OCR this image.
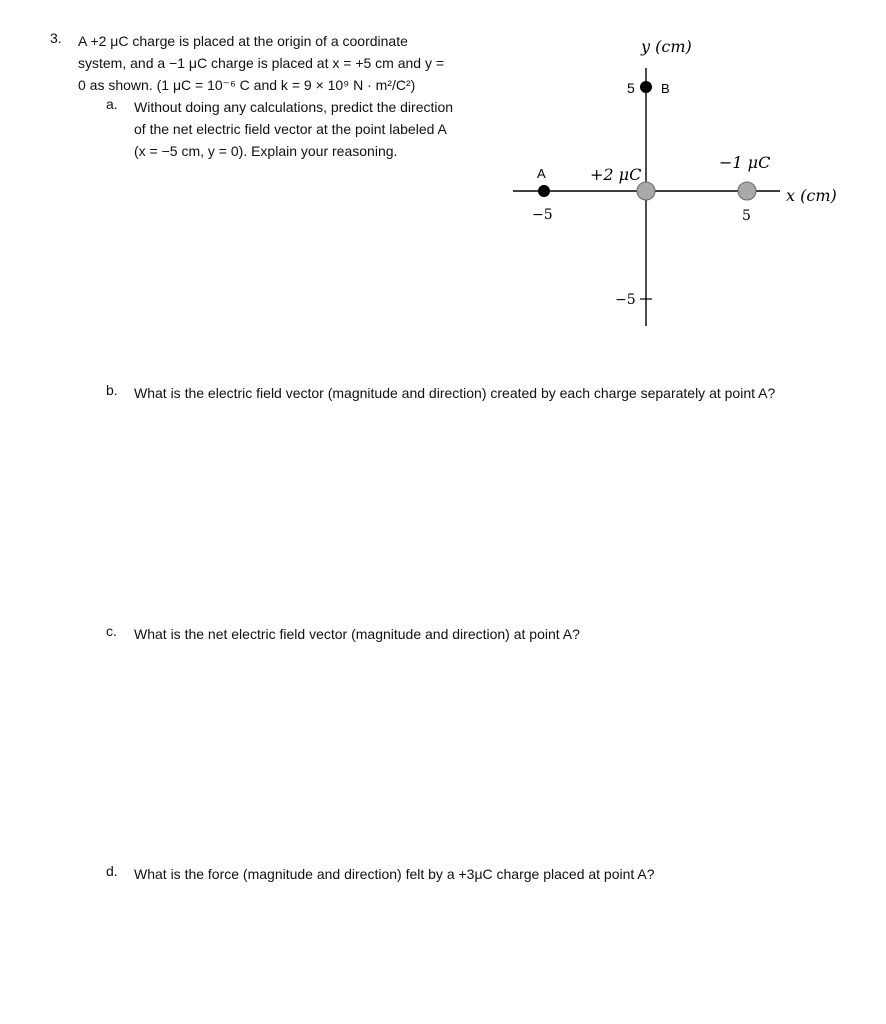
3. A +2 μC charge is placed at the origin of a coordinate
system, and a −1 μC charge is placed at x = +5 cm and y =
0 as shown. (1 μC = 10⁻⁶ C and k = 9 × 10⁹ N · m²/C²)
a. Without doing any calculations, predict the direction
of the net electric field vector at the point labeled A
(x = −5 cm, y = 0). Explain your reasoning.
y (cm)
x (cm)
5
−5
−5	5
B
A	+2 μC
−1 μC
b. What is the electric field vector (magnitude and direction) created by each charge separately at point A?
c. What is the net electric field vector (magnitude and direction) at point A?
d. What is the force (magnitude and direction) felt by a +3μC charge placed at point A?
